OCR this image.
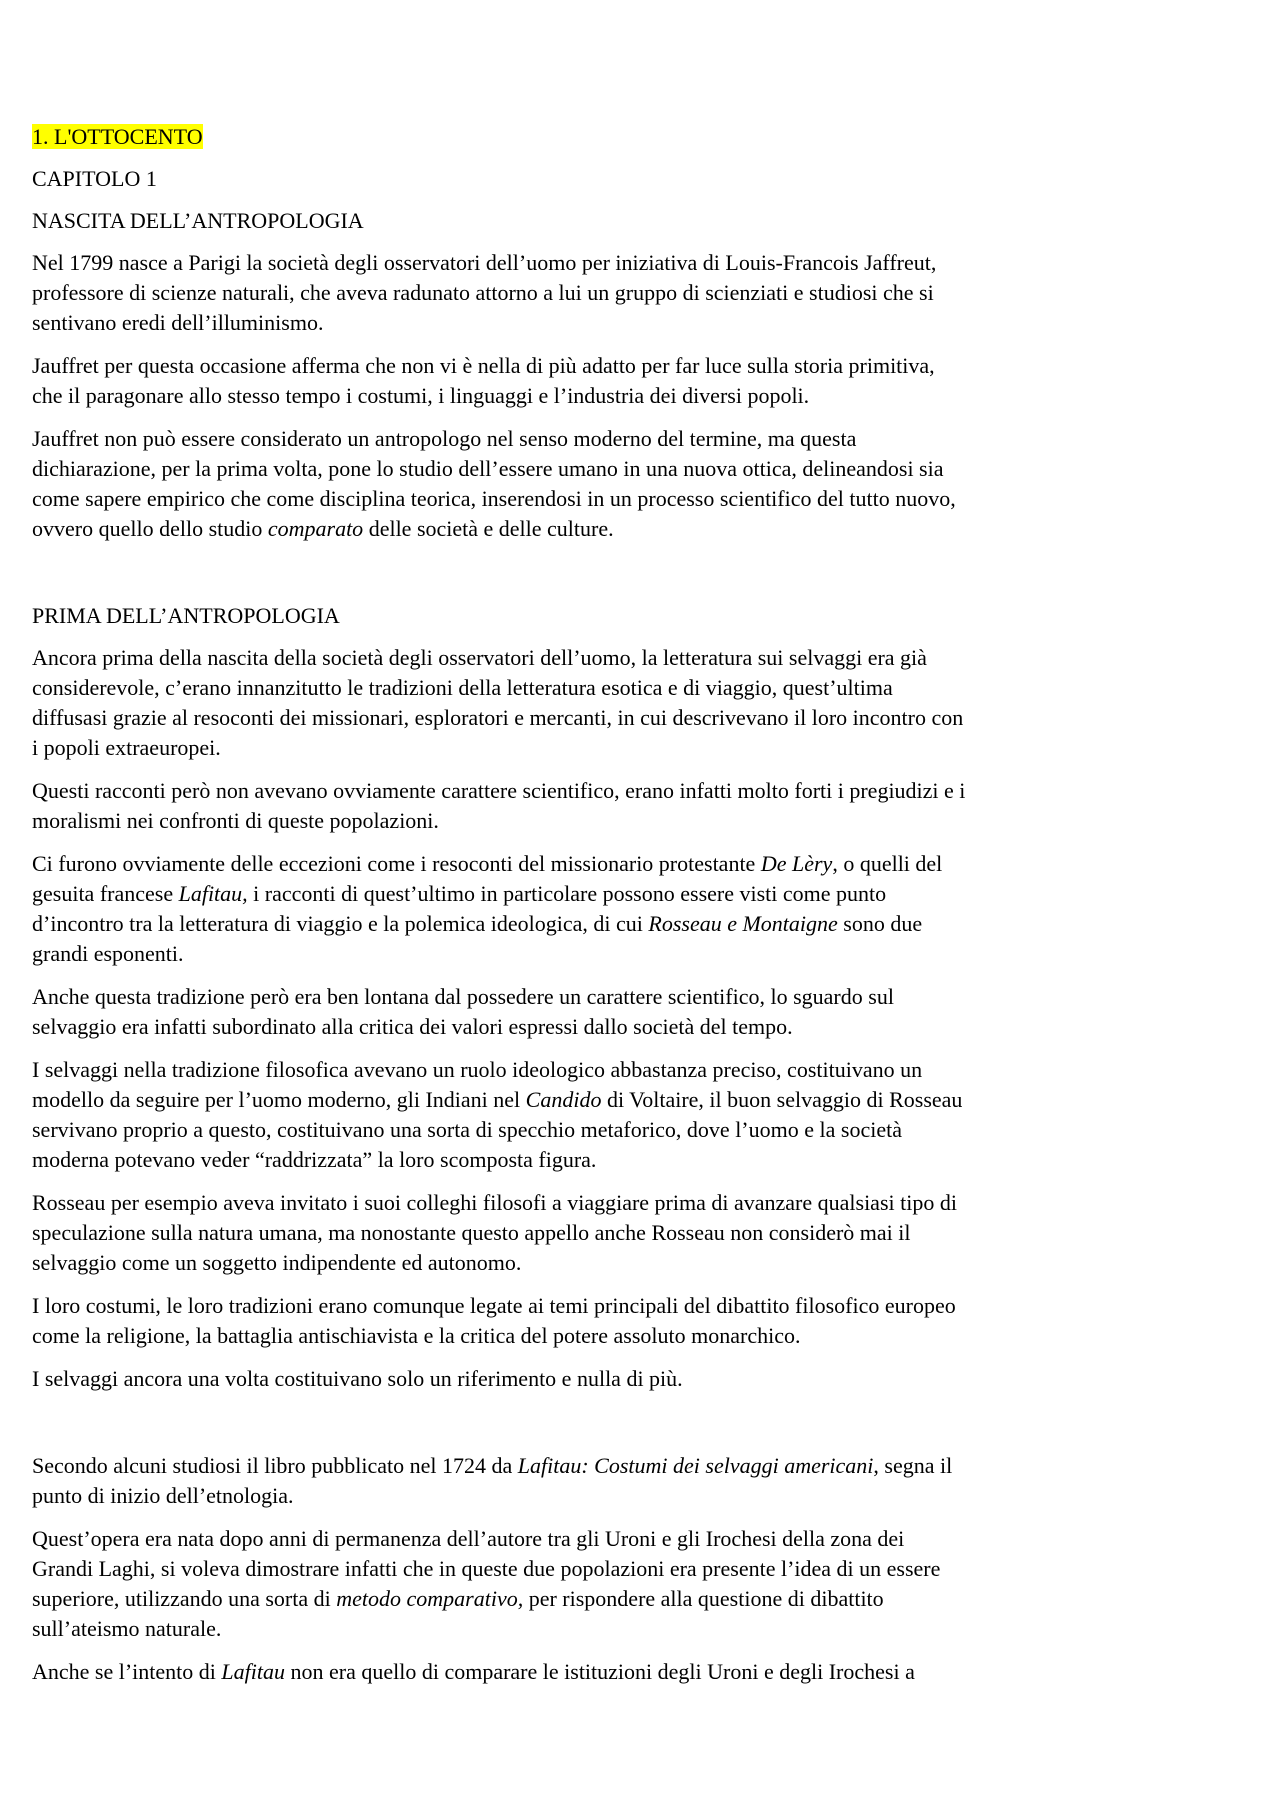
1. L'OTTOCENTO
CAPITOLO 1
NASCITA DELL’ANTROPOLOGIA
Nel 1799 nasce a Parigi la società degli osservatori dell’uomo per iniziativa di Louis-Francois Jaffreut,
professore di scienze naturali, che aveva radunato attorno a lui un gruppo di scienziati e studiosi che si
sentivano eredi dell’illuminismo.
Jauffret per questa occasione afferma che non vi è nella di più adatto per far luce sulla storia primitiva,
che il paragonare allo stesso tempo i costumi, i linguaggi e l’industria dei diversi popoli.
Jauffret non può essere considerato un antropologo nel senso moderno del termine, ma questa
dichiarazione, per la prima volta, pone lo studio dell’essere umano in una nuova ottica, delineandosi sia
come sapere empirico che come disciplina teorica, inserendosi in un processo scientifico del tutto nuovo,
ovvero quello dello studio comparato delle società e delle culture.
PRIMA DELL’ANTROPOLOGIA
Ancora prima della nascita della società degli osservatori dell’uomo, la letteratura sui selvaggi era già
considerevole, c’erano innanzitutto le tradizioni della letteratura esotica e di viaggio, quest’ultima
diffusasi grazie al resoconti dei missionari, esploratori e mercanti, in cui descrivevano il loro incontro con
i popoli extraeuropei.
Questi racconti però non avevano ovviamente carattere scientifico, erano infatti molto forti i pregiudizi e i
moralismi nei confronti di queste popolazioni.
Ci furono ovviamente delle eccezioni come i resoconti del missionario protestante De Lèry, o quelli del
gesuita francese Lafitau, i racconti di quest’ultimo in particolare possono essere visti come punto
d’incontro tra la letteratura di viaggio e la polemica ideologica, di cui Rosseau e Montaigne sono due
grandi esponenti.
Anche questa tradizione però era ben lontana dal possedere un carattere scientifico, lo sguardo sul
selvaggio era infatti subordinato alla critica dei valori espressi dallo società del tempo.
I selvaggi nella tradizione filosofica avevano un ruolo ideologico abbastanza preciso, costituivano un
modello da seguire per l’uomo moderno, gli Indiani nel Candido di Voltaire, il buon selvaggio di Rosseau
servivano proprio a questo, costituivano una sorta di specchio metaforico, dove l’uomo e la società
moderna potevano veder “raddrizzata” la loro scomposta figura.
Rosseau per esempio aveva invitato i suoi colleghi filosofi a viaggiare prima di avanzare qualsiasi tipo di
speculazione sulla natura umana, ma nonostante questo appello anche Rosseau non considerò mai il
selvaggio come un soggetto indipendente ed autonomo.
I loro costumi, le loro tradizioni erano comunque legate ai temi principali del dibattito filosofico europeo
come la religione, la battaglia antischiavista e la critica del potere assoluto monarchico.
I selvaggi ancora una volta costituivano solo un riferimento e nulla di più.
Secondo alcuni studiosi il libro pubblicato nel 1724 da Lafitau: Costumi dei selvaggi americani, segna il
punto di inizio dell’etnologia.
Quest’opera era nata dopo anni di permanenza dell’autore tra gli Uroni e gli Irochesi della zona dei
Grandi Laghi, si voleva dimostrare infatti che in queste due popolazioni era presente l’idea di un essere
superiore, utilizzando una sorta di metodo comparativo, per rispondere alla questione di dibattito
sull’ateismo naturale.
Anche se l’intento di Lafitau non era quello di comparare le istituzioni degli Uroni e degli Irochesi a
